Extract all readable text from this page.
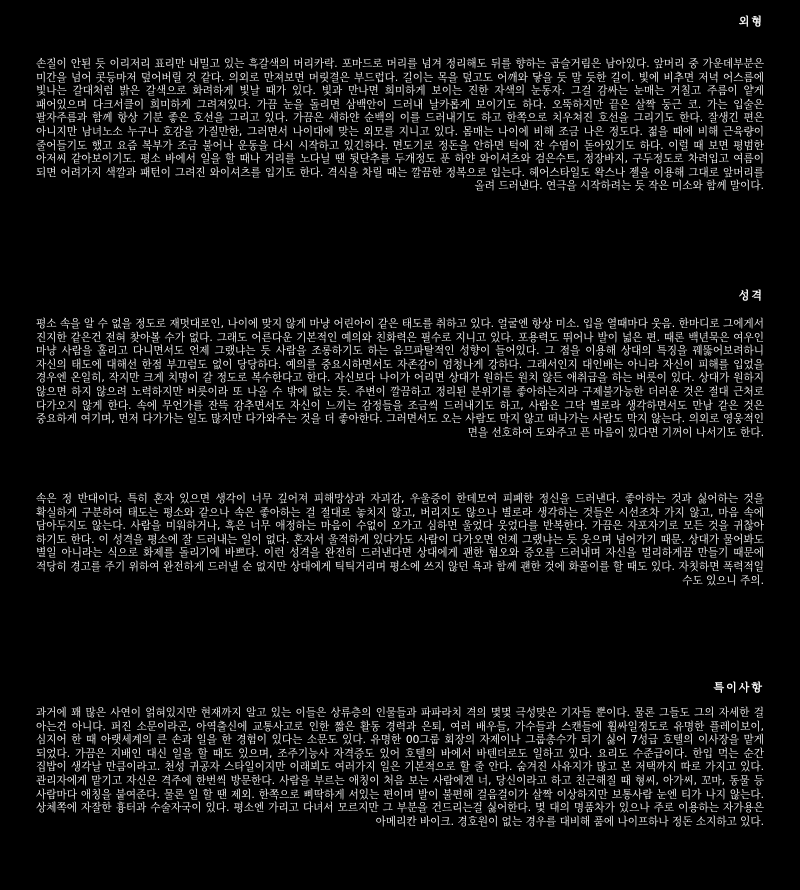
외형
손질이 안된 듯 이리저리 표리만 내밀고 있는 흑갈색의 머리카락. 포마드로 머리를 넘겨 정리해도 뒤를 향하는 곱슬거림은 남아있다. 앞머리 중 가운데부분은 미간을 넘어 콧등마저 덮어버릴 것 같다. 의외로 만져보면 머릿결은 부드럽다. 길이는 목을 덮고도 어깨와 닿을 듯 말 듯한 길이. 빛에 비추면 저녁 어스름에 빛나는 갈대처럼 밝은 갈색으로 화려하게 빛날 때가 있다. 빛과 만나면 희미하게 보이는 진한 자색의 눈동자. 그걸 감싸는 눈매는 거칠고 주름이 얕게 패어있으며 다크서클이 희미하게 그려져있다. 가끔 눈을 돌리면 삼백안이 드러내 날카롭게 보이기도 하다. 오뚝하지만 끝은 살짝 둥근 코. 가는 입술은 팔자주름과 함께 항상 기분 좋은 호선을 그리고 있다. 가끔은 새하얀 순백의 이를 드러내기도 하고 한쪽으로 치우쳐진 호선을 그리기도 한다. 잘생긴 편은 아니지만 남녀노소 누구나 호감을 가질만한, 그러면서 나이대에 맞는 외모를 지니고 있다. 몸매는 나이에 비해 조금 나은 정도다. 젊을 때에 비해 근육량이 줄어들기도 했고 요즘 복부가 조금 불어나 운동을 다시 시작하고 있긴하다. 면도기로 정돈을 안하면 턱에 잔 수염이 돋아있기도 하다. 이럴 때 보면 평범한 아저씨 같아보이기도. 평소 바에서 일을 할 때나 거리를 노다닐 땐 뒷단추를 두개정도 푼 하얀 와이셔츠와 검은수트, 정장바지, 구두정도로 차려입고 여름이 되면 어려가지 색깔과 패턴이 그려진 와이셔츠를 입기도 한다. 격식을 차릴 때는 깔끔한 정복으로 입는다. 헤어스타일도 왁스나 젤을 이용해 그대로 앞머리를 올려 드러낸다. 연극을 시작하려는 듯 작은 미소와 함께 말이다.
성격
평소 속을 알 수 없을 정도로 재멋대로인, 나이에 맞지 않게 마냥 어린아이 같은 태도를 취하고 있다. 얼굴엔 항상 미소. 입을 열때마다 웃음. 한마디로 그에게서 진지한 같은건 전혀 찾아볼 수가 없다. 그래도 어른다운 기본적인 예의와 친화력은 필수로 지니고 있다. 포용력도 뛰어나 발이 넓은 편. 때론 백년묵은 여우인 마냥 사람을 홀리고 다니면서도 언제 그랬냐는 듯 사람을 조롱하기도 하는 음므파탈적인 성향이 들어있다. 그 점을 이용해 상대의 특징을 꿰뚫어보려하니 자신의 태도에 대해선 한점 부끄럼도 없이 당당하다. 예의를 중요시하면서도 자존감이 엄청나게 강하다. 그래서인지 대인배는 아니라 자신이 피해를 입었을 경우엔 온일히, 작지만 크게 치명이 갈 정도로 복수한다고 한다. 자신보다 나이가 어리면 상대가 원하든 원치 않든 애취급을 하는 버릇이 있다. 상대가 원하지 않으면 하지 않으려 노력하지만 버릇이라 또 나올 수 밖에 없는 듯. 주변이 깔끔하고 정리된 분위기를 좋아하는지라 구제불가능한 더러운 것은 절대 근처로 다가오지 않게 한다. 속에 무언가를 잔뜩 감추면서도 자신이 느끼는 감정들을 조금씩 드러내기도 하고, 사람은 그닥 별로라 생각하면서도 만남 같은 것은 중요하게 여기며, 먼저 다가가는 일도 많지만 다가와주는 것을 더 좋아한다. 그러면서도 오는 사람도 막지 않고 떠나가는 사람도 막지 않는다. 의외로 영웅적인 면을 선호하여 도와주고 픈 마음이 있다면 기꺼이 나서기도 한다.
속은 정 반대이다. 특히 혼자 있으면 생각이 너무 깊어져 피해망상과 자괴감, 우울증이 한데모여 피폐한 정신을 드러낸다. 좋아하는 것과 싫어하는 것을 확실하게 구분하여 태도는 평소와 같으나 속은 좋아하는 걸 절대로 놓치지 않고, 버리지도 않으나 별로라 생각하는 것들은 시선조차 가지 않고, 마음 속에 담아두지도 않는다. 사람을 미워하거나, 혹은 너무 애정하는 마음이 수없이 오가고 심하면 울었다 웃었다를 반복한다. 가끔은 자포자기로 모든 것을 귀찮아 하기도 한다. 이 성격을 평소에 잘 드러내는 일이 없다. 혼자서 울적하게 있다가도 사람이 다가오면 언제 그랬냐는 듯 웃으며 넘어가기 때문. 상대가 물어봐도 별일 아니라는 식으로 화제를 돌리기에 바쁘다. 이런 성격을 완전히 드러낸다면 상대에게 괜한 혐오와 증오를 드러내며 자신을 멀리하게끔 만들기 때문에 적당히 경고를 주기 위하여 완전하게 드러낼 순 없지만 상대에게 틱틱거리며 평소에 쓰지 않던 욕과 함께 괜한 것에 화풀이를 할 때도 있다. 자칫하면 폭력적일 수도 있으니 주의.
특이사항
과거에 꽤 많은 사연이 얽혀있지만 현재까지 알고 있는 이들은 상류층의 인물들과 파파라치 격의 몇몇 극성맞은 기자들 뿐이다. 물론 그들도 그의 자세한 걸 아는건 아니다. 퍼진 소문이라곤, 아역출신에 교통사고로 인한 짧은 활동 경력과 은퇴, 여러 배우들, 가수들과 스캔들에 휩싸일정도로 유명한 플레이보이, 심지어 한 때 아랫세계의 큰 손과 일을 한 경험이 있다는 소문도 있다. 유명한 00그룹 회장의 자제이나 그룹총수가 되기 싫어 7성급 호텔의 이사장을 맡게 되었다. 가끔은 지배인 대신 일을 할 때도 있으며, 조주기능사 자격증도 있어 호텔의 바에서 바텐더로도 일하고 있다. 요리도 수준급이다. 한입 먹는 순간 집밥이 생각날 만큼이라고. 천성 귀공자 스타일이지만 이래뵈도 여러가지 일은 기본적으로 할 줄 안다. 숨겨진 사유지가 많고 본 저택까지 따로 가지고 있다. 관리자에게 맡기고 자신은 격주에 한번씩 방문한다. 사람을 부르는 애칭이 처음 보는 사람에겐 너, 당신이라고 하고 친근해질 때 형씨, 아가씨, 꼬마, 동물 등 사람마다 애칭을 붙여준다. 물론 일 할 땐 제외. 한쪽으로 삐딱하게 서있는 편이며 발이 불편해 걸음걸이가 살짝 이상하지만 보통사람 눈엔 티가 나지 않는다. 상체쪽에 자잘한 흉터과 수술자국이 있다. 평소엔 가리고 다녀서 모르지만 그 부분을 건드리는걸 싫어한다. 몇 대의 명품차가 있으나 주로 이용하는 자가용은 아메리칸 바이크. 경호원이 없는 경우를 대비해 품에 나이프하나 정돈 소지하고 있다.
